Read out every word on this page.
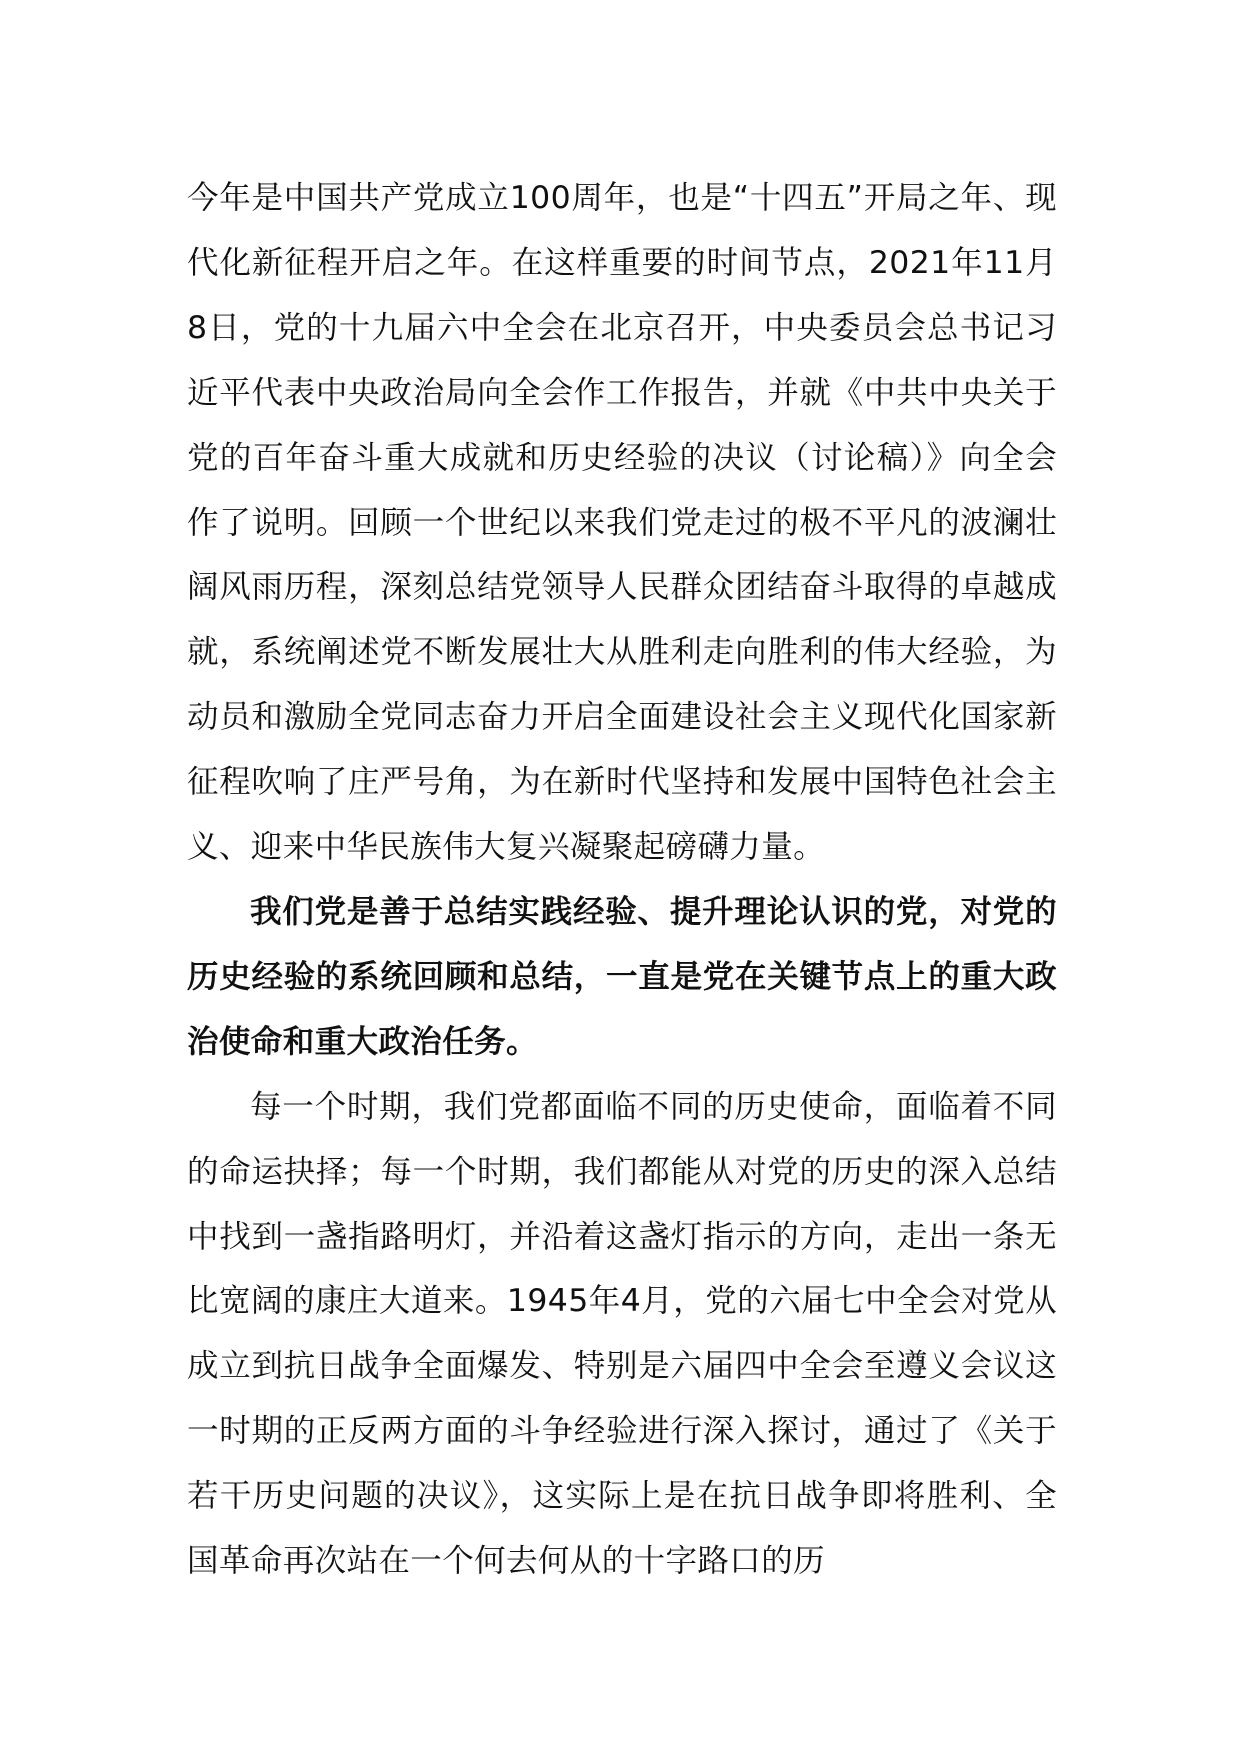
今年是中国共产党成立100周年，也是“十四五”开局之年、现代化新征程开启之年。在这样重要的时间节点，2021年11月8日，党的十九届六中全会在北京召开，中央委员会总书记习近平代表中央政治局向全会作工作报告，并就《中共中央关于党的百年奋斗重大成就和历史经验的决议（讨论稿）》向全会作了说明。回顾一个世纪以来我们党走过的极不平凡的波澜壮阔风雨历程，深刻总结党领导人民群众团结奋斗取得的卓越成就，系统阐述党不断发展壮大从胜利走向胜利的伟大经验，为动员和激励全党同志奋力开启全面建设社会主义现代化国家新征程吹响了庄严号角，为在新时代坚持和发展中国特色社会主义、迎来中华民族伟大复兴凝聚起磅礴力量。

我们党是善于总结实践经验、提升理论认识的党，对党的历史经验的系统回顾和总结，一直是党在关键节点上的重大政治使命和重大政治任务。

每一个时期，我们党都面临不同的历史使命，面临着不同的命运抉择；每一个时期，我们都能从对党的历史的深入总结中找到一盏指路明灯，并沿着这盏灯指示的方向，走出一条无比宽阔的康庄大道来。1945年4月，党的六届七中全会对党从成立到抗日战争全面爆发、特别是六届四中全会至遵义会议这一时期的正反两方面的斗争经验进行深入探讨，通过了《关于若干历史问题的决议》，这实际上是在抗日战争即将胜利、全国革命再次站在一个何去何从的十字路口的历
